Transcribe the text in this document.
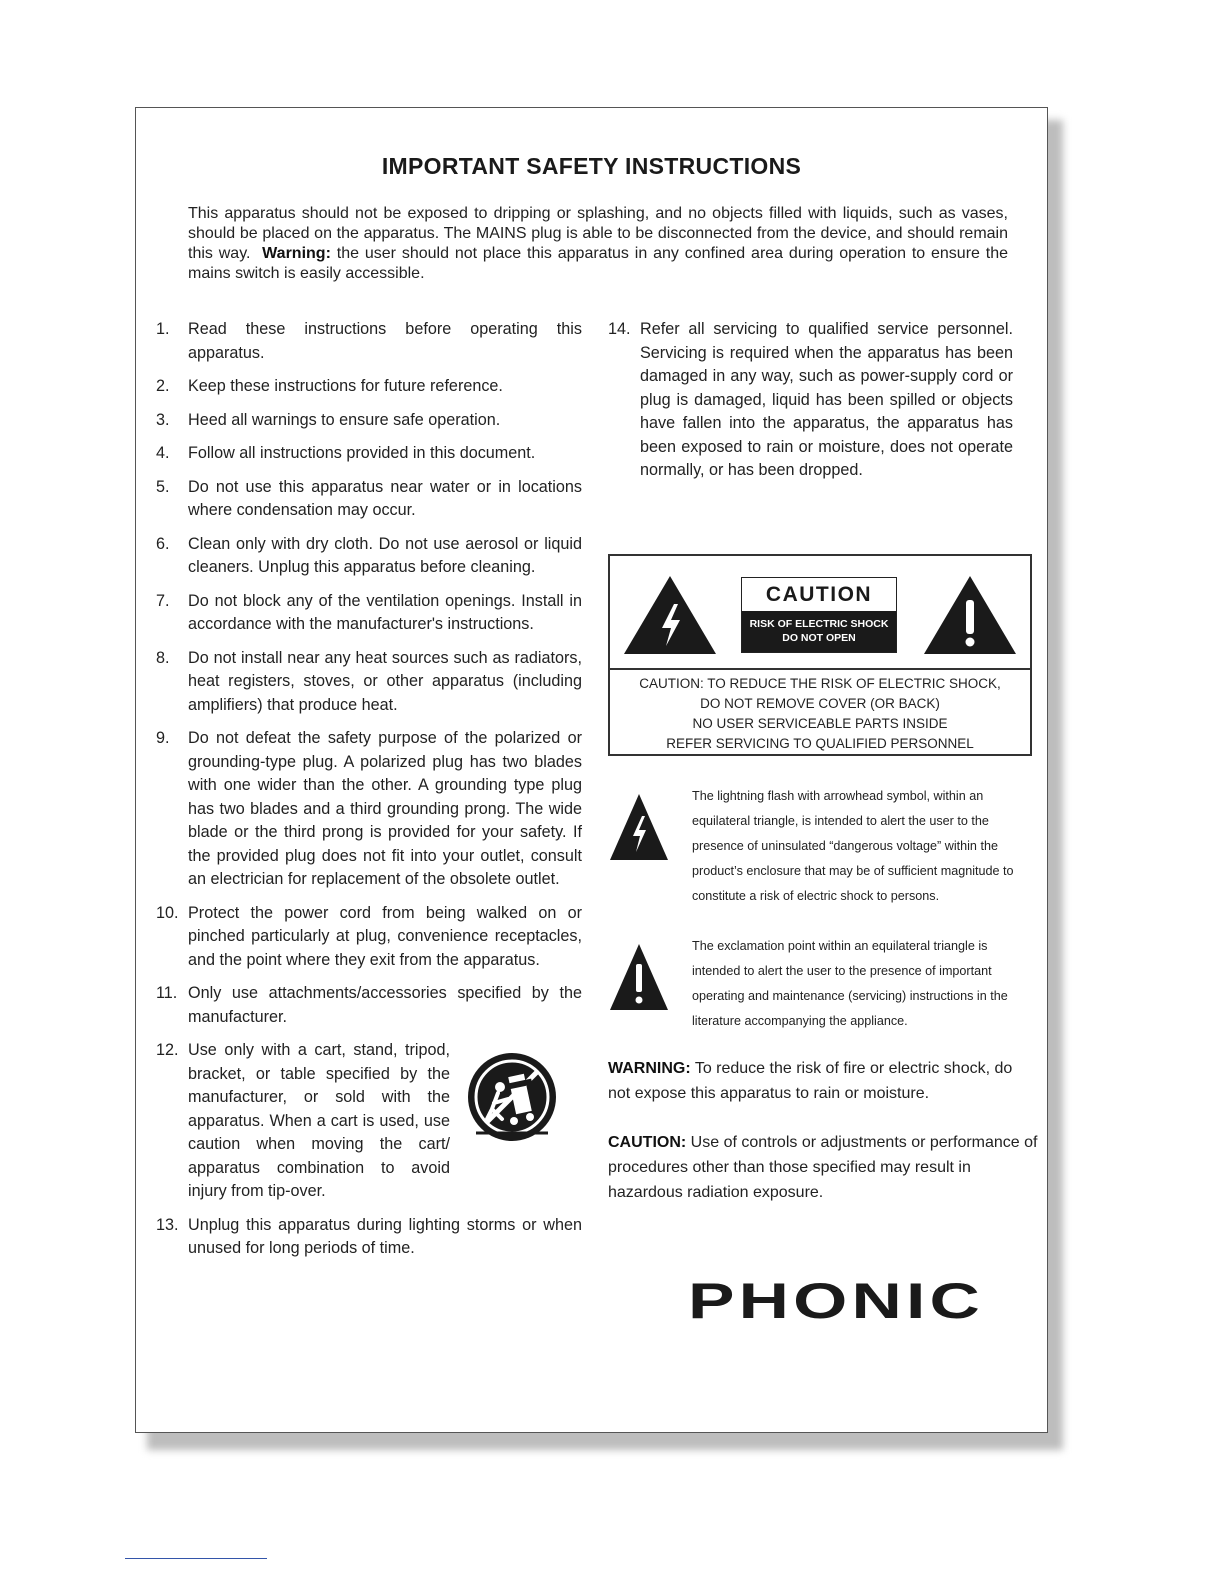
IMPORTANT SAFETY INSTRUCTIONS
This apparatus should not be exposed to dripping or splashing, and no objects filled with liquids, such as vases, should be placed on the apparatus. The MAINS plug is able to be disconnected from the device, and should remain this way. Warning: the user should not place this apparatus in any confined area during operation to ensure the mains switch is easily accessible.
1. Read these instructions before operating this apparatus.
2. Keep these instructions for future reference.
3. Heed all warnings to ensure safe operation.
4. Follow all instructions provided in this document.
5. Do not use this apparatus near water or in locations where condensation may occur.
6. Clean only with dry cloth. Do not use aerosol or liquid cleaners. Unplug this apparatus before cleaning.
7. Do not block any of the ventilation openings. Install in accordance with the manufacturer's instructions.
8. Do not install near any heat sources such as radiators, heat registers, stoves, or other apparatus (including amplifiers) that produce heat.
9. Do not defeat the safety purpose of the polarized or grounding-type plug. A polarized plug has two blades with one wider than the other. A grounding type plug has two blades and a third grounding prong. The wide blade or the third prong is provided for your safety. If the provided plug does not fit into your outlet, consult an electrician for replacement of the obsolete outlet.
10. Protect the power cord from being walked on or pinched particularly at plug, convenience receptacles, and the point where they exit from the apparatus.
11. Only use attachments/accessories specified by the manufacturer.
12. Use only with a cart, stand, tripod, bracket, or table specified by the manufacturer, or sold with the apparatus. When a cart is used, use caution when moving the cart/ apparatus combination to avoid injury from tip-over.
13. Unplug this apparatus during lighting storms or when unused for long periods of time.
14. Refer all servicing to qualified service personnel. Servicing is required when the apparatus has been damaged in any way, such as power-supply cord or plug is damaged, liquid has been spilled or objects have fallen into the apparatus, the apparatus has been exposed to rain or moisture, does not operate normally, or has been dropped.
CAUTION
RISK OF ELECTRIC SHOCK
DO NOT OPEN
CAUTION: TO REDUCE THE RISK OF ELECTRIC SHOCK,
DO NOT REMOVE COVER (OR BACK)
NO USER SERVICEABLE PARTS INSIDE
REFER SERVICING TO QUALIFIED PERSONNEL
The lightning flash with arrowhead symbol, within an equilateral triangle, is intended to alert the user to the presence of uninsulated “dangerous voltage” within the product’s enclosure that may be of sufficient magnitude to constitute a risk of electric shock to persons.
The exclamation point within an equilateral triangle is intended to alert the user to the presence of important operating and maintenance (servicing) instructions in the literature accompanying the appliance.
WARNING: To reduce the risk of fire or electric shock, do not expose this apparatus to rain or moisture.
CAUTION: Use of controls or adjustments or performance of procedures other than those specified may result in hazardous radiation exposure.
PHONIC
